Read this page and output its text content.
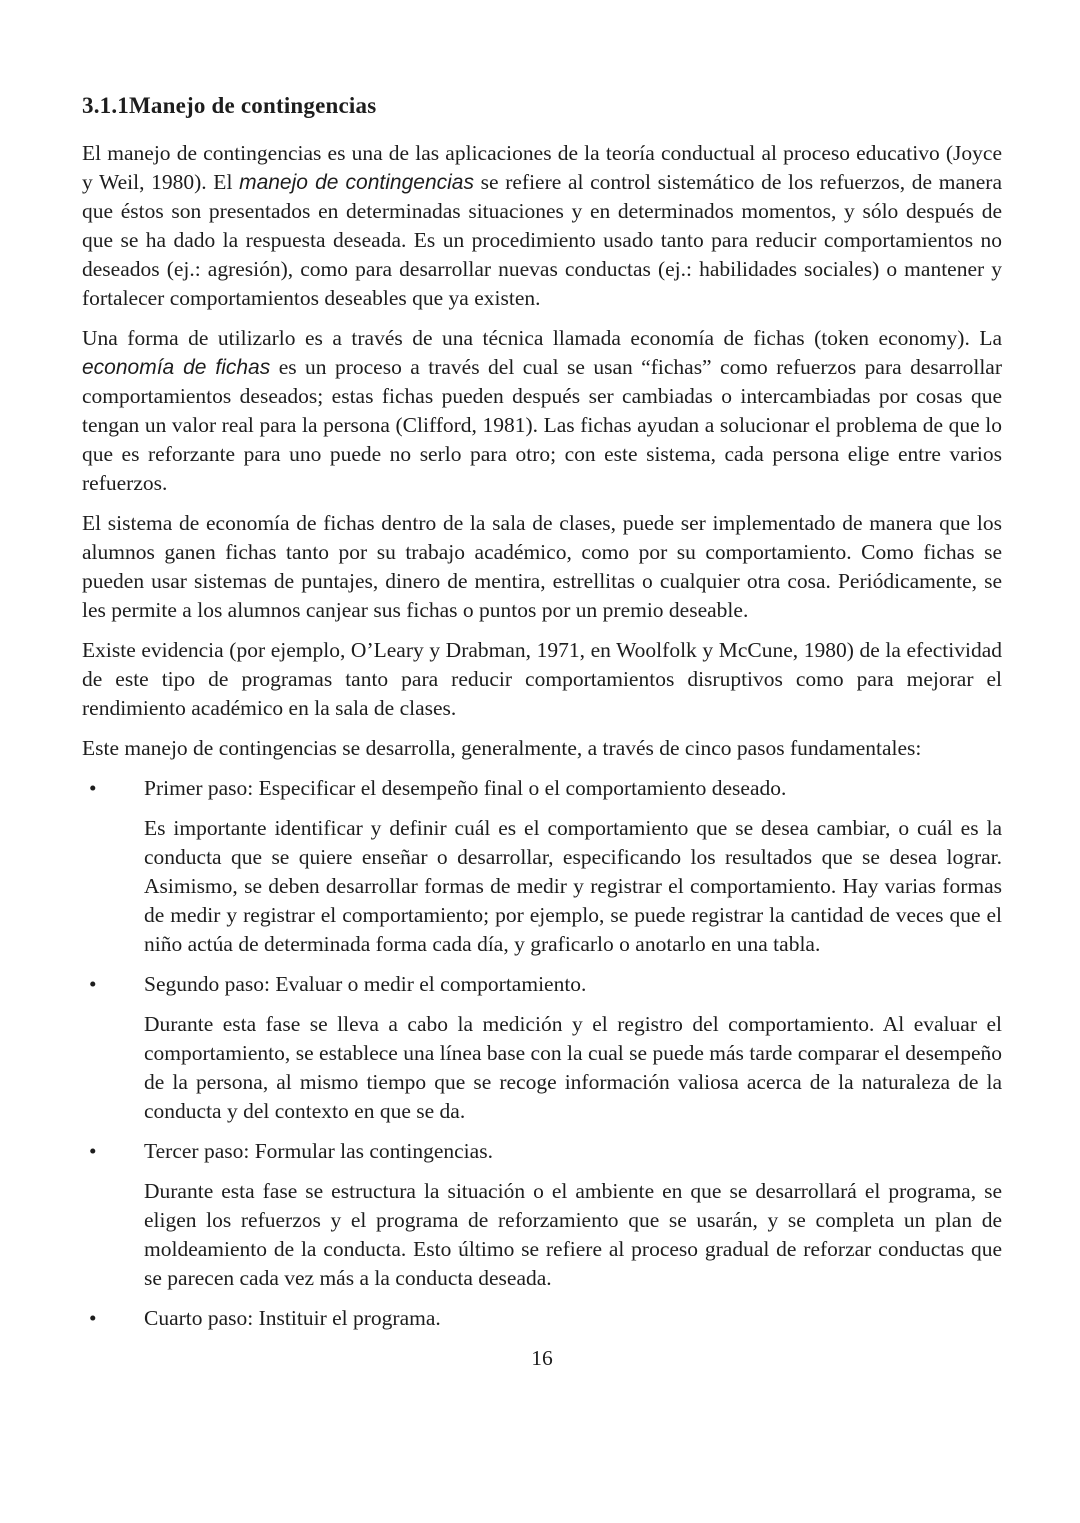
3.1.1Manejo de contingencias

El manejo de contingencias es una de las aplicaciones de la teoría conductual al proceso educativo (Joyce y Weil, 1980). El manejo de contingencias se refiere al control sistemático de los refuerzos, de manera que éstos son presentados en determinadas situaciones y en determinados momentos, y sólo después de que se ha dado la respuesta deseada. Es un procedimiento usado tanto para reducir comportamientos no deseados (ej.: agresión), como para desarrollar nuevas conductas (ej.: habilidades sociales) o mantener y fortalecer comportamientos deseables que ya existen.

Una forma de utilizarlo es a través de una técnica llamada economía de fichas (token economy). La economía de fichas es un proceso a través del cual se usan “fichas” como refuerzos para desarrollar comportamientos deseados; estas fichas pueden después ser cambiadas o intercambiadas por cosas que tengan un valor real para la persona (Clifford, 1981). Las fichas ayudan a solucionar el problema de que lo que es reforzante para uno puede no serlo para otro; con este sistema, cada persona elige entre varios refuerzos.

El sistema de economía de fichas dentro de la sala de clases, puede ser implementado de manera que los alumnos ganen fichas tanto por su trabajo académico, como por su comportamiento. Como fichas se pueden usar sistemas de puntajes, dinero de mentira, estrellitas o cualquier otra cosa. Periódicamente, se les permite a los alumnos canjear sus fichas o puntos por un premio deseable.

Existe evidencia (por ejemplo, O’Leary y Drabman, 1971, en Woolfolk y McCune, 1980) de la efectividad de este tipo de programas tanto para reducir comportamientos disruptivos como para mejorar el rendimiento académico en la sala de clases.

Este manejo de contingencias se desarrolla, generalmente, a través de cinco pasos fundamentales:

•	Primer paso: Especificar el desempeño final o el comportamiento deseado.

Es importante identificar y definir cuál es el comportamiento que se desea cambiar, o cuál es la conducta que se quiere enseñar o desarrollar, especificando los resultados que se desea lograr. Asimismo, se deben desarrollar formas de medir y registrar el comportamiento. Hay varias formas de medir y registrar el comportamiento; por ejemplo, se puede registrar la cantidad de veces que el niño actúa de determinada forma cada día, y graficarlo o anotarlo en una tabla.

•	Segundo paso: Evaluar o medir el comportamiento.

Durante esta fase se lleva a cabo la medición y el registro del comportamiento. Al evaluar el comportamiento, se establece una línea base con la cual se puede más tarde comparar el desempeño de la persona, al mismo tiempo que se recoge información valiosa acerca de la naturaleza de la conducta y del contexto en que se da.

•	Tercer paso: Formular las contingencias.

Durante esta fase se estructura la situación o el ambiente en que se desarrollará el programa, se eligen los refuerzos y el programa de reforzamiento que se usarán, y se completa un plan de moldeamiento de la conducta. Esto último se refiere al proceso gradual de reforzar conductas que se parecen cada vez más a la conducta deseada.

•	Cuarto paso: Instituir el programa.

16
